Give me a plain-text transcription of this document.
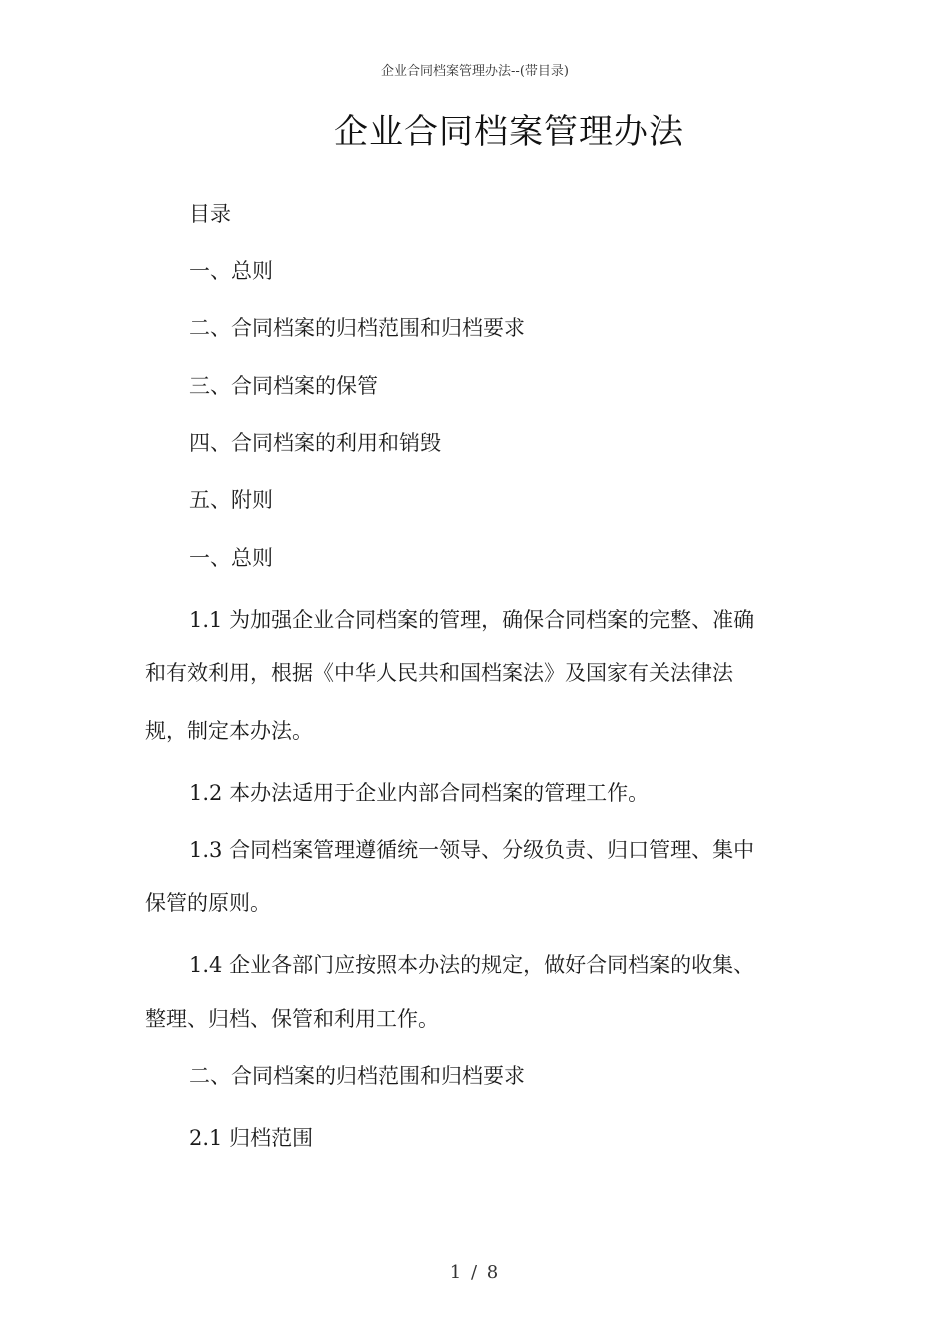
企业合同档案管理办法--(带目录)
企业合同档案管理办法
目录
一、总则
二、合同档案的归档范围和归档要求
三、合同档案的保管
四、合同档案的利用和销毁
五、附则
一、总则
1.1 为加强企业合同档案的管理，确保合同档案的完整、准确
和有效利用，根据《中华人民共和国档案法》及国家有关法律法
规，制定本办法。
1.2 本办法适用于企业内部合同档案的管理工作。
1.3 合同档案管理遵循统一领导、分级负责、归口管理、集中
保管的原则。
1.4 企业各部门应按照本办法的规定，做好合同档案的收集、
整理、归档、保管和利用工作。
二、合同档案的归档范围和归档要求
2.1 归档范围
1 / 8
